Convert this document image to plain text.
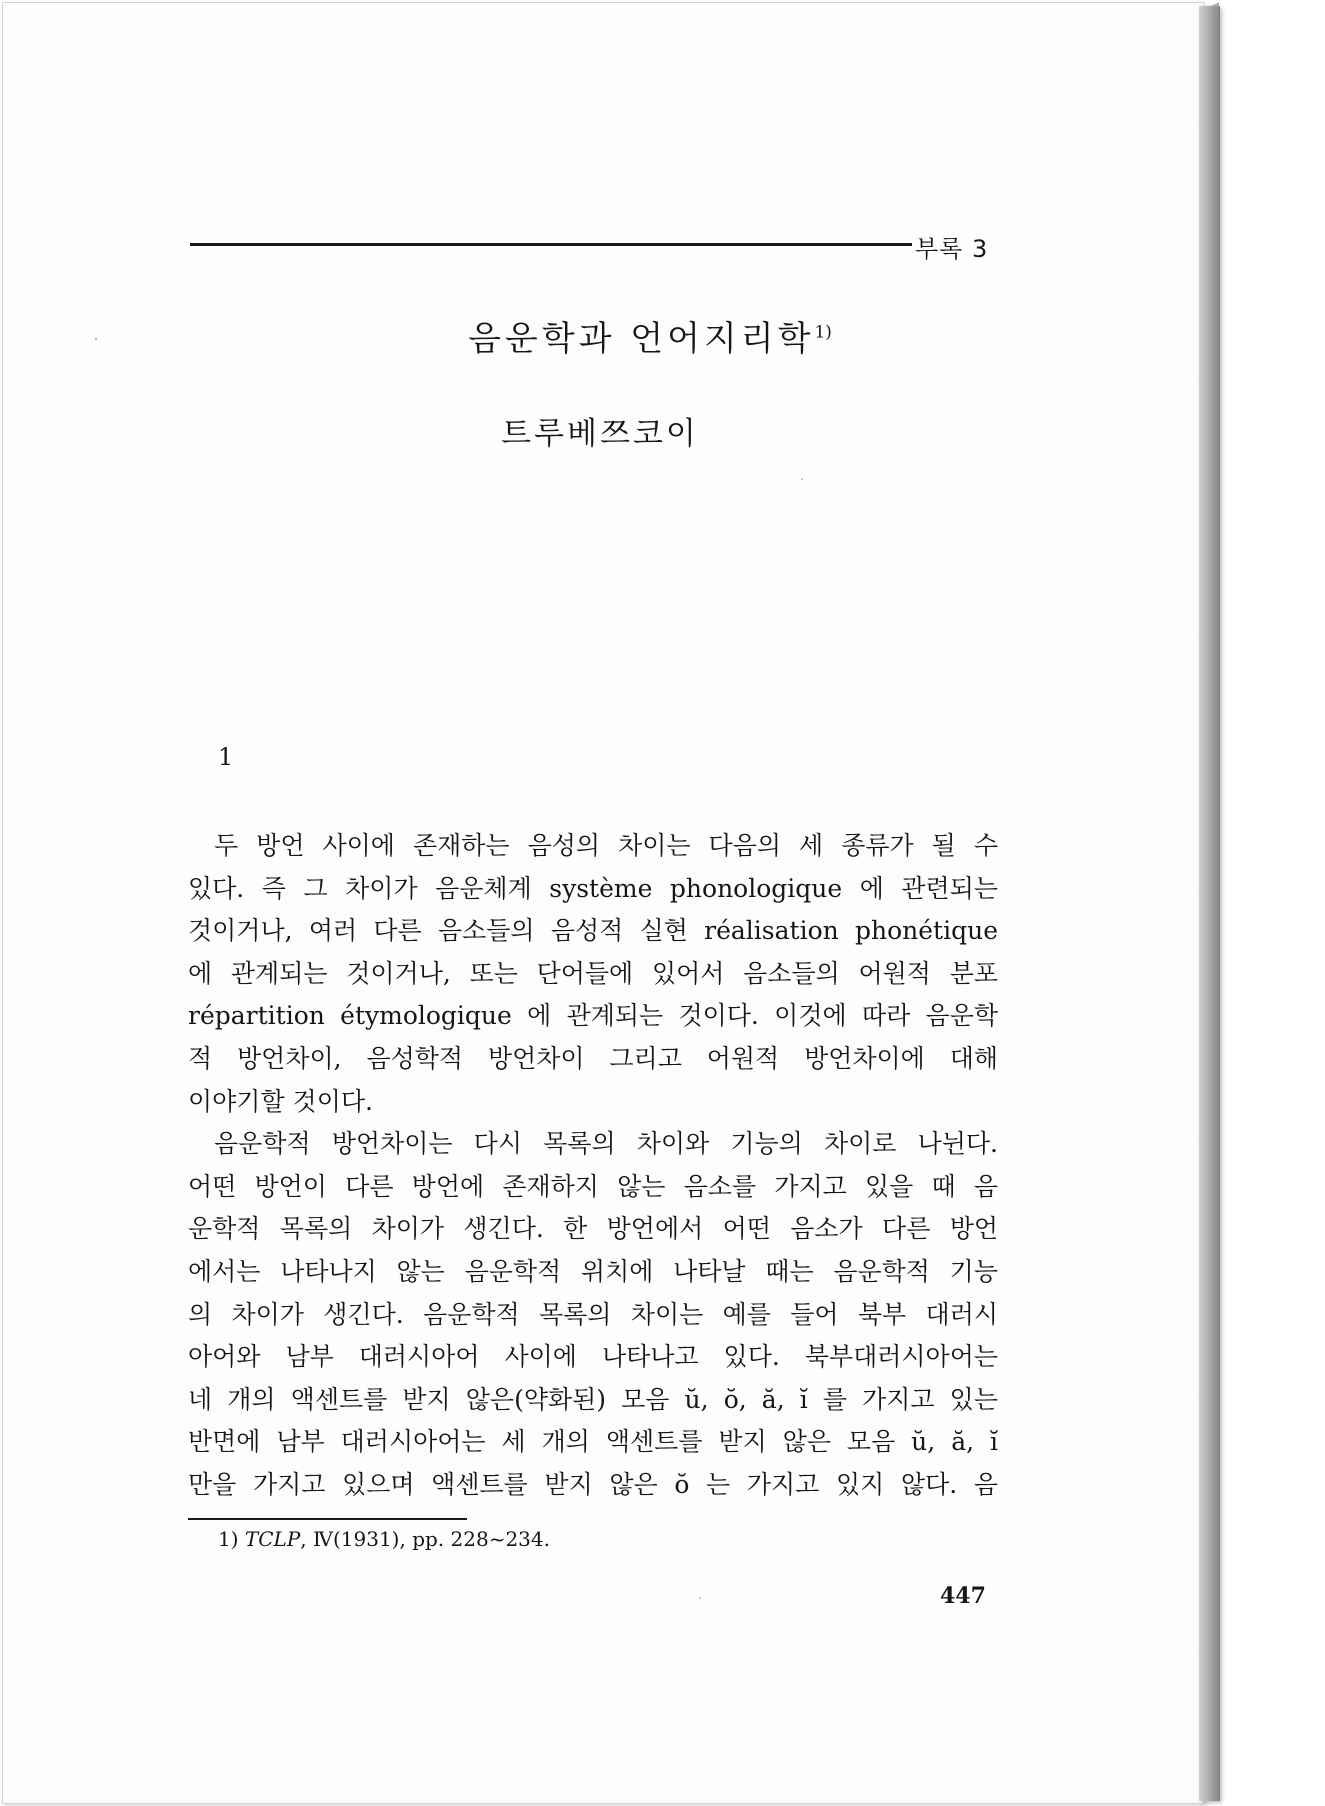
부록 3
음운학과 언어지리학$^{1)}$
트루베쯔코이
1
두 방언 사이에 존재하는 음성의 차이는 다음의 세 종류가 될 수
있다. 즉 그 차이가 음운체계 système phonologique 에 관련되는
것이거나, 여러 다른 음소들의 음성적 실현 réalisation phonétique
에 관계되는 것이거나, 또는 단어들에 있어서 음소들의 어원적 분포
répartition étymologique 에 관계되는 것이다. 이것에 따라 음운학
적 방언차이, 음성학적 방언차이 그리고 어원적 방언차이에 대해
이야기할 것이다.
음운학적 방언차이는 다시 목록의 차이와 기능의 차이로 나뉜다.
어떤 방언이 다른 방언에 존재하지 않는 음소를 가지고 있을 때 음
운학적 목록의 차이가 생긴다. 한 방언에서 어떤 음소가 다른 방언
에서는 나타나지 않는 음운학적 위치에 나타날 때는 음운학적 기능
의 차이가 생긴다. 음운학적 목록의 차이는 예를 들어 북부 대러시
아어와 남부 대러시아어 사이에 나타나고 있다. 북부대러시아어는
네 개의 액센트를 받지 않은(약화된) 모음 ŭ, ŏ, ă, ĭ 를 가지고 있는
반면에 남부 대러시아어는 세 개의 액센트를 받지 않은 모음 ŭ, ă, ĭ
만을 가지고 있으며 액센트를 받지 않은 ŏ 는 가지고 있지 않다. 음
1) TCLP, Ⅳ(1931), pp. 228~234.
447
